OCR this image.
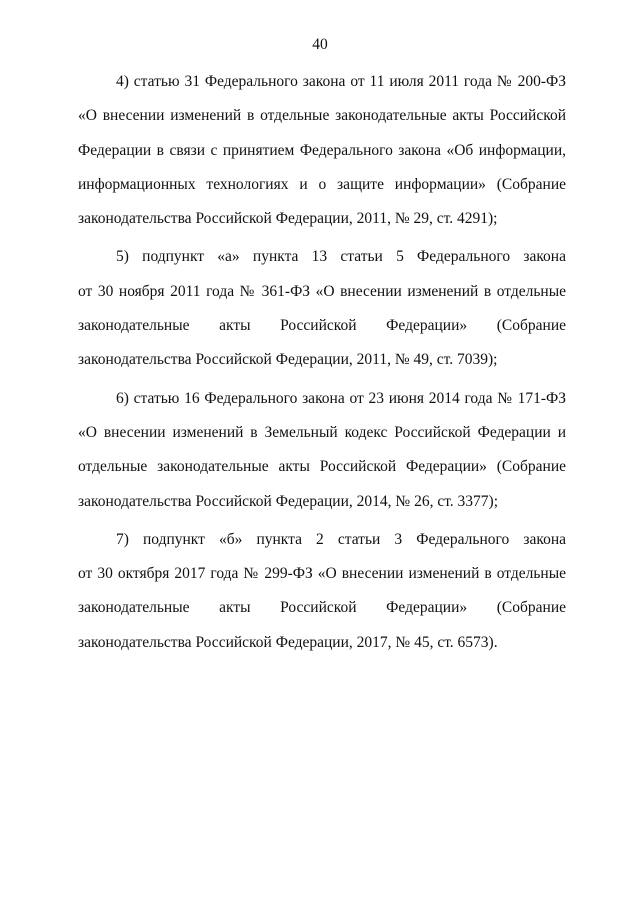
40
4) статью 31 Федерального закона от 11 июля 2011 года № 200-ФЗ
«О внесении изменений в отдельные законодательные акты Российской
Федерации в связи с принятием Федерального закона «Об информации,
информационных технологиях и о защите информации» (Собрание
законодательства Российской Федерации, 2011, № 29, ст. 4291);
5) подпункт «а» пункта 13 статьи 5 Федерального закона
от 30 ноября 2011 года № 361-ФЗ «О внесении изменений в отдельные
законодательные акты Российской Федерации» (Собрание
законодательства Российской Федерации, 2011, № 49, ст. 7039);
6) статью 16 Федерального закона от 23 июня 2014 года № 171-ФЗ
«О внесении изменений в Земельный кодекс Российской Федерации и
отдельные законодательные акты Российской Федерации» (Собрание
законодательства Российской Федерации, 2014, № 26, ст. 3377);
7) подпункт «б» пункта 2 статьи 3 Федерального закона
от 30 октября 2017 года № 299-ФЗ «О внесении изменений в отдельные
законодательные акты Российской Федерации» (Собрание
законодательства Российской Федерации, 2017, № 45, ст. 6573).
